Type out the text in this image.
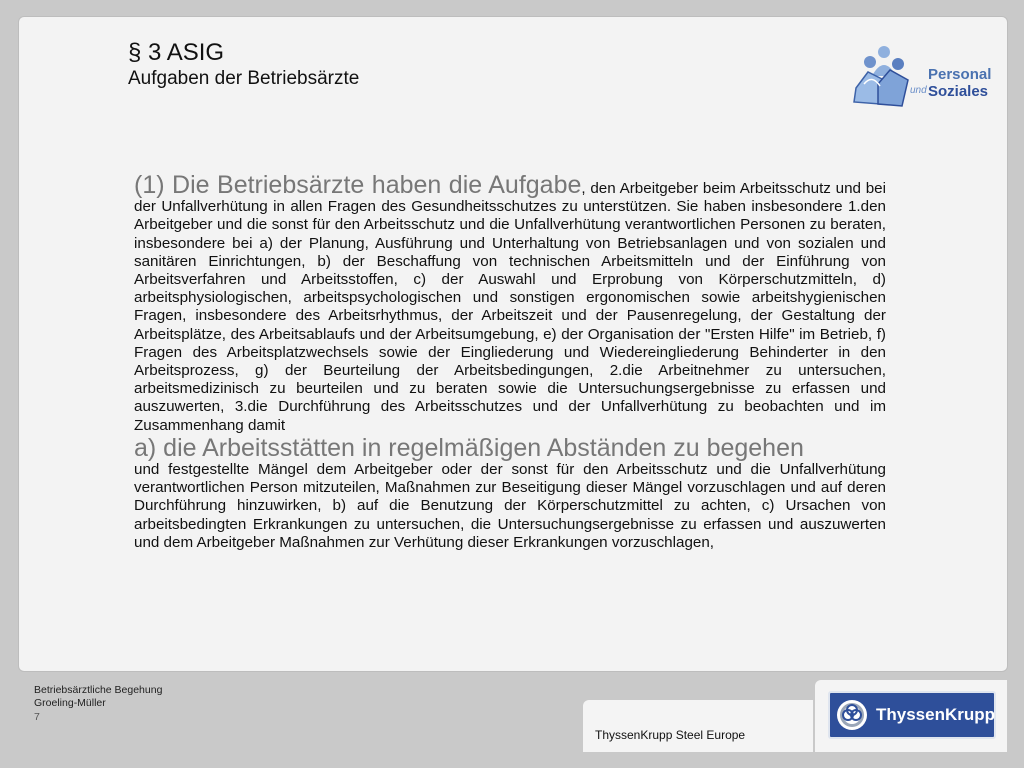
§ 3 ASIG
Aufgaben der Betriebsärzte	Personal
und Soziales

(1) Die Betriebsärzte haben die Aufgabe, den Arbeitgeber beim Arbeitsschutz und bei der Unfallverhütung in allen Fragen des Gesundheitsschutzes zu unterstützen. Sie haben insbesondere 1.den Arbeitgeber und die sonst für den Arbeitsschutz und die Unfallverhütung verantwortlichen Personen zu beraten, insbesondere bei a) der Planung, Ausführung und Unterhaltung von Betriebsanlagen und von sozialen und sanitären Einrichtungen, b) der Beschaffung von technischen Arbeitsmitteln und der Einführung von Arbeitsverfahren und Arbeitsstoffen, c) der Auswahl und Erprobung von Körperschutzmitteln, d) arbeitsphysiologischen, arbeitspsychologischen und sonstigen ergonomischen sowie arbeitshygienischen Fragen, insbesondere des Arbeitsrhythmus, der Arbeitszeit und der Pausenregelung, der Gestaltung der Arbeitsplätze, des Arbeitsablaufs und der Arbeitsumgebung, e) der Organisation der "Ersten Hilfe" im Betrieb, f) Fragen des Arbeitsplatzwechsels sowie der Eingliederung und Wiedereingliederung Behinderter in den Arbeitsprozess, g) der Beurteilung der Arbeitsbedingungen, 2.die Arbeitnehmer zu untersuchen, arbeitsmedizinisch zu beurteilen und zu beraten sowie die Untersuchungsergebnisse zu erfassen und auszuwerten, 3.die Durchführung des Arbeitsschutzes und der Unfallverhütung zu beobachten und im Zusammenhang damit

a) die Arbeitsstätten in regelmäßigen Abständen zu begehen
und festgestellte Mängel dem Arbeitgeber oder der sonst für den Arbeitsschutz und die Unfallverhütung verantwortlichen Person mitzuteilen, Maßnahmen zur Beseitigung dieser Mängel vorzuschlagen und auf deren Durchführung hinzuwirken, b) auf die Benutzung der Körperschutzmittel zu achten, c) Ursachen von arbeitsbedingten Erkrankungen zu untersuchen, die Untersuchungsergebnisse zu erfassen und auszuwerten und dem Arbeitgeber Maßnahmen zur Verhütung dieser Erkrankungen vorzuschlagen,

Betriebsärztliche Begehung
Groeling-Müller
7
ThyssenKrupp Steel Europe
ThyssenKrupp
